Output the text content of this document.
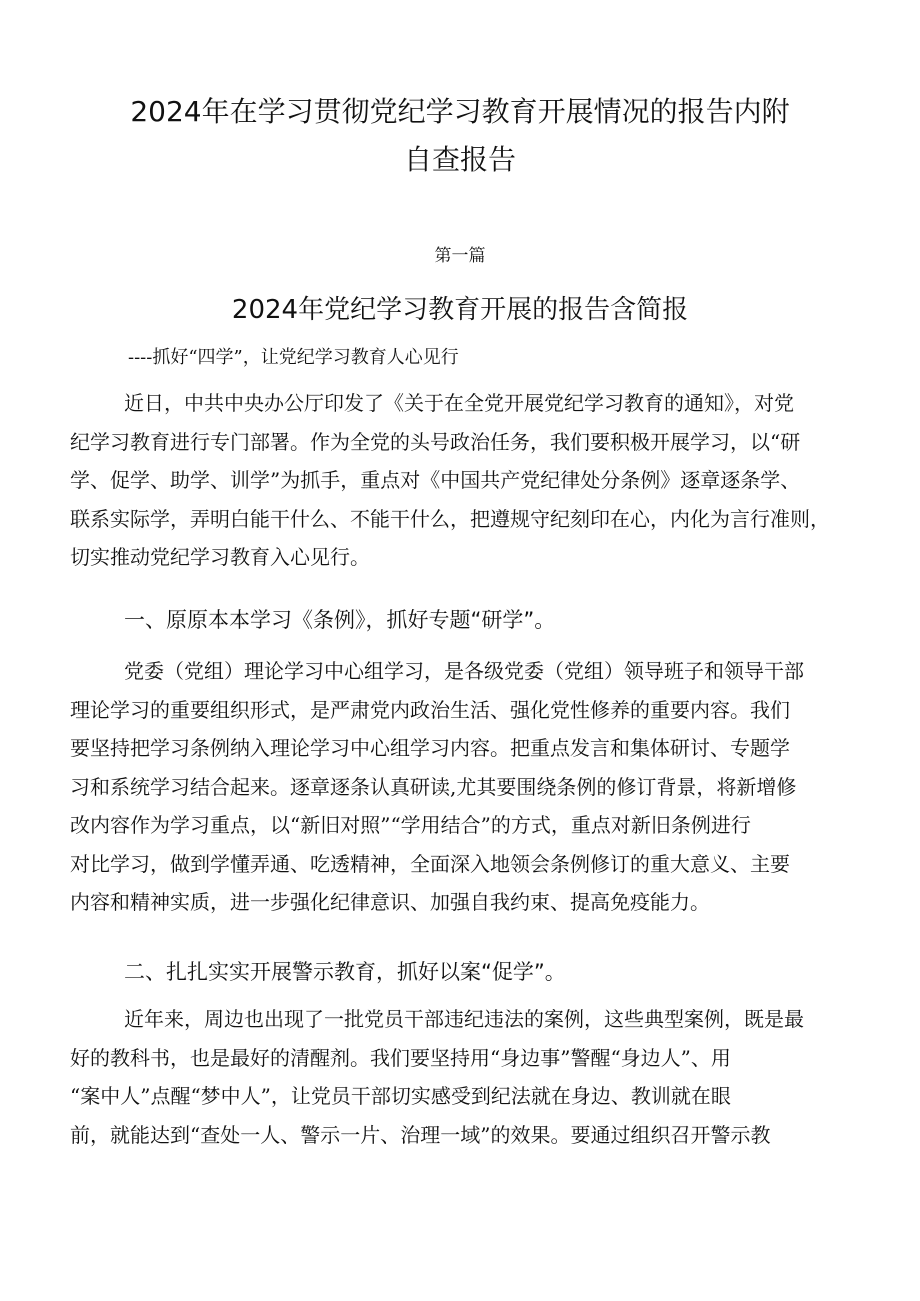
2024年在学习贯彻党纪学习教育开展情况的报告内附
自查报告
第一篇
2024年党纪学习教育开展的报告含简报
----抓好“四学”，让党纪学习教育人心见行
近日，中共中央办公厅印发了《关于在全党开展党纪学习教育的通知》，对党
纪学习教育进行专门部署。作为全党的头号政治任务，我们要积极开展学习，以“研
学、促学、助学、训学”为抓手，重点对《中国共产党纪律处分条例》逐章逐条学、
联系实际学，弄明白能干什么、不能干什么，把遵规守纪刻印在心，内化为言行准则，
切实推动党纪学习教育入心见行。
一、原原本本学习《条例》，抓好专题“研学”。
党委（党组）理论学习中心组学习，是各级党委（党组）领导班子和领导干部
理论学习的重要组织形式，是严肃党内政治生活、强化党性修养的重要内容。我们
要坚持把学习条例纳入理论学习中心组学习内容。把重点发言和集体研讨、专题学
习和系统学习结合起来。逐章逐条认真研读,尤其要围绕条例的修订背景，将新增修
改内容作为学习重点，以“新旧对照”“学用结合”的方式，重点对新旧条例进行
对比学习，做到学懂弄通、吃透精神，全面深入地领会条例修订的重大意义、主要
内容和精神实质，进一步强化纪律意识、加强自我约束、提高免疫能力。
二、扎扎实实开展警示教育，抓好以案“促学”。
近年来，周边也出现了一批党员干部违纪违法的案例，这些典型案例，既是最
好的教科书，也是最好的清醒剂。我们要坚持用“身边事”警醒“身边人”、用
“案中人”点醒“梦中人”，让党员干部切实感受到纪法就在身边、教训就在眼
前，就能达到“查处一人、警示一片、治理一域”的效果。要通过组织召开警示教
